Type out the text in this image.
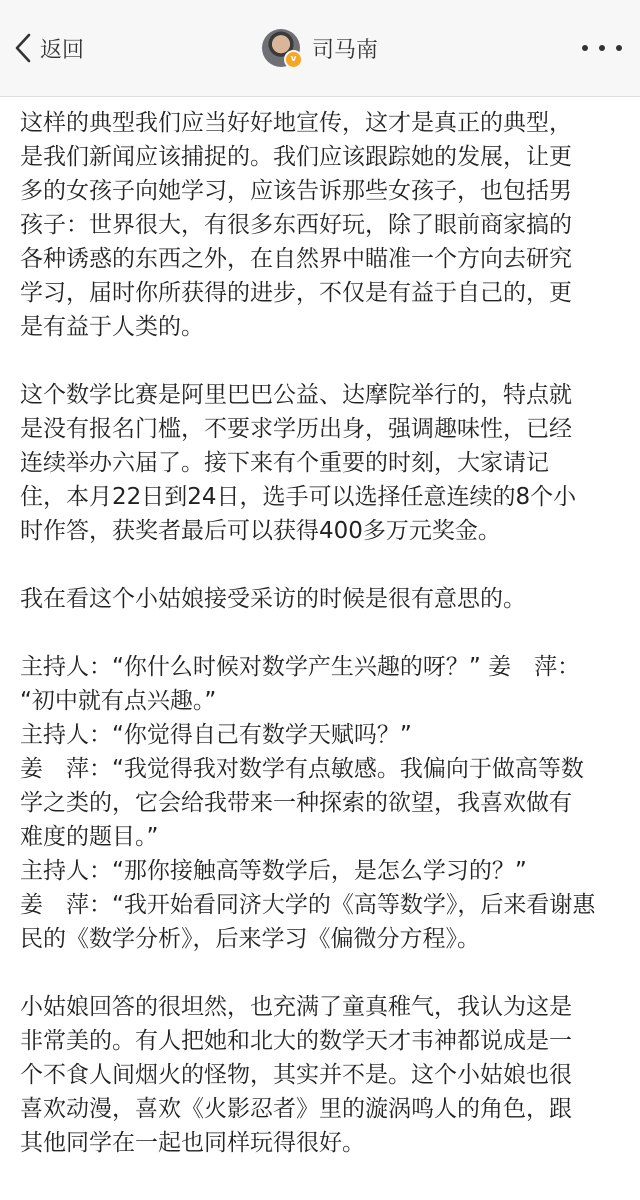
返回	v 司马南

这样的典型我们应当好好地宣传，这才是真正的典型，
是我们新闻应该捕捉的。我们应该跟踪她的发展，让更
多的女孩子向她学习，应该告诉那些女孩子，也包括男
孩子：世界很大，有很多东西好玩，除了眼前商家搞的
各种诱惑的东西之外，在自然界中瞄准一个方向去研究
学习，届时你所获得的进步，不仅是有益于自己的，更
是有益于人类的。

这个数学比赛是阿里巴巴公益、达摩院举行的，特点就
是没有报名门槛，不要求学历出身，强调趣味性，已经
连续举办六届了。接下来有个重要的时刻，大家请记
住，本月22日到24日，选手可以选择任意连续的8个小
时作答，获奖者最后可以获得400多万元奖金。

我在看这个小姑娘接受采访的时候是很有意思的。

主持人：“你什么时候对数学产生兴趣的呀？” 姜　萍：
“初中就有点兴趣。”
主持人：“你觉得自己有数学天赋吗？”
姜　萍：“我觉得我对数学有点敏感。我偏向于做高等数
学之类的，它会给我带来一种探索的欲望，我喜欢做有
难度的题目。”
主持人：“那你接触高等数学后，是怎么学习的？”
姜　萍：“我开始看同济大学的《高等数学》，后来看谢惠
民的《数学分析》，后来学习《偏微分方程》。

小姑娘回答的很坦然，也充满了童真稚气，我认为这是
非常美的。有人把她和北大的数学天才韦神都说成是一
个不食人间烟火的怪物，其实并不是。这个小姑娘也很
喜欢动漫，喜欢《火影忍者》里的漩涡鸣人的角色，跟
其他同学在一起也同样玩得很好。
